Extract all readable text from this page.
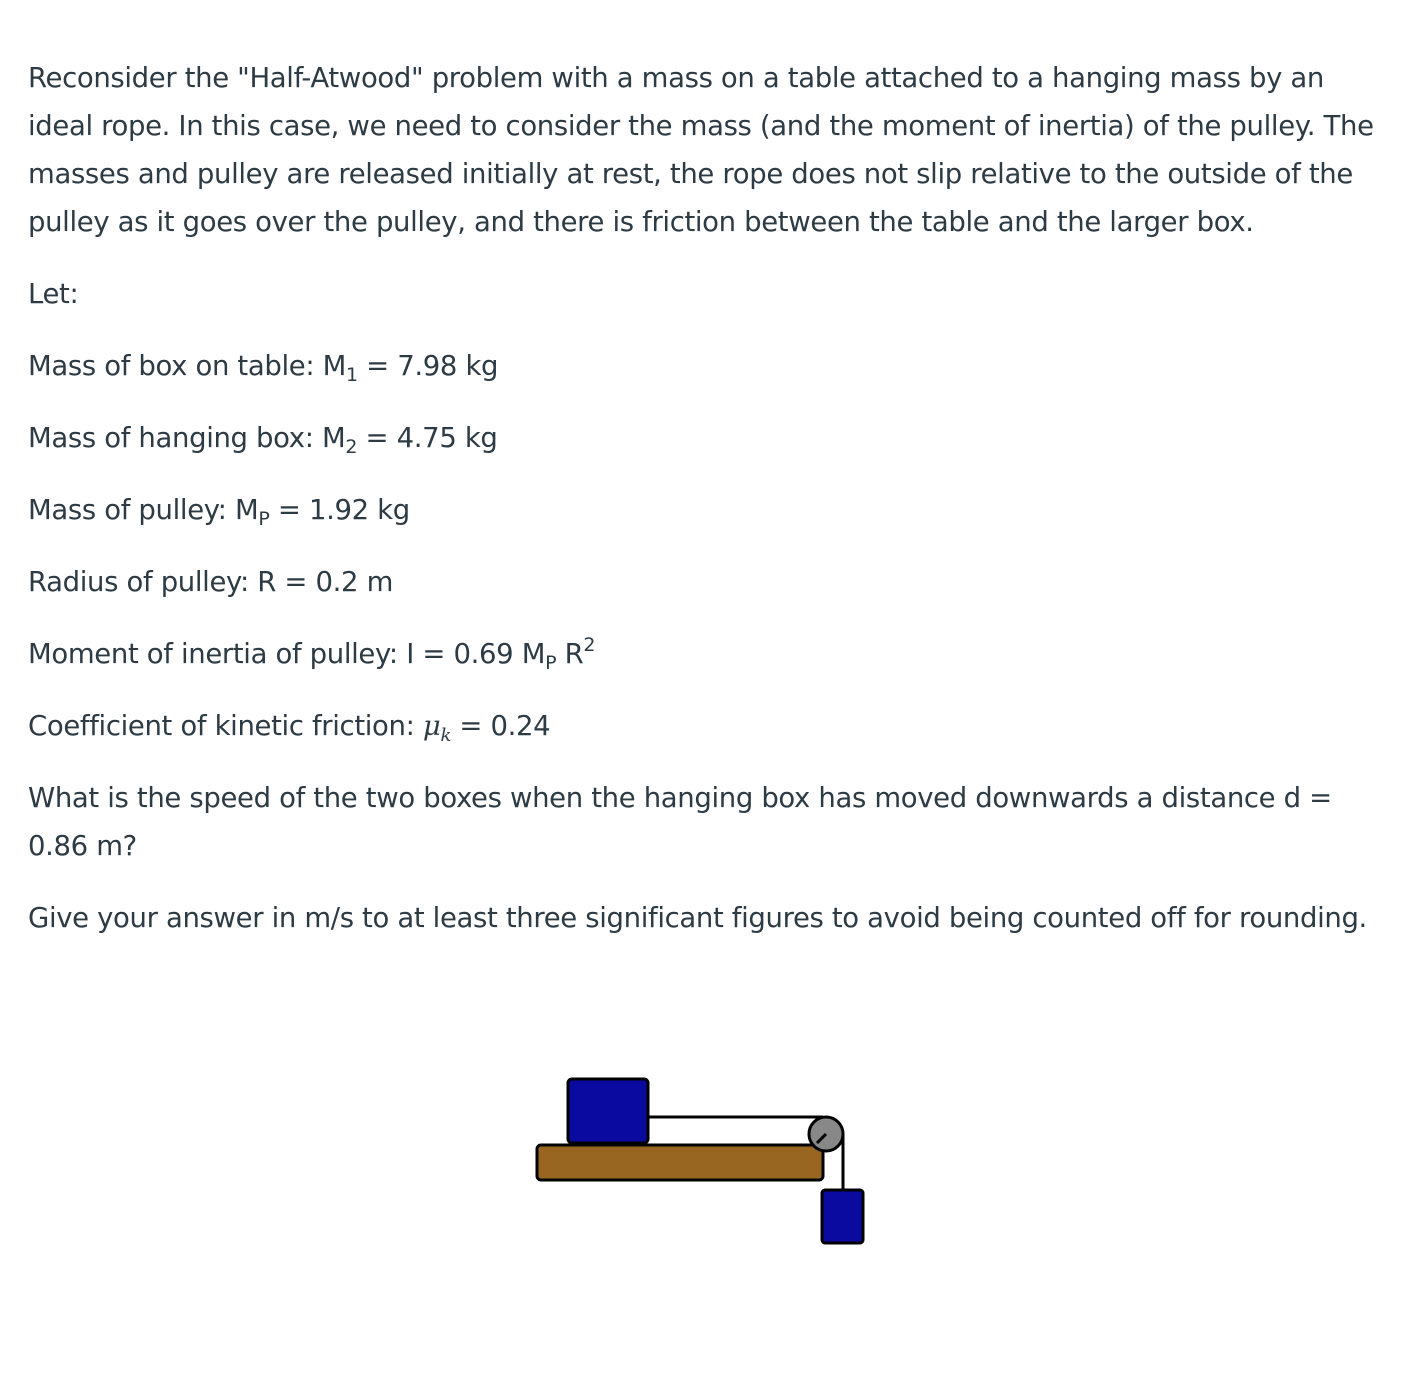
Reconsider the "Half-Atwood" problem with a mass on a table attached to a hanging mass by an ideal rope. In this case, we need to consider the mass (and the moment of inertia) of the pulley. The masses and pulley are released initially at rest, the rope does not slip relative to the outside of the pulley as it goes over the pulley, and there is friction between the table and the larger box.

Let:

Mass of box on table: $M_1 = 7.98$ kg

Mass of hanging box: $M_2 = 4.75$ kg

Mass of pulley: $M_P = 1.92$ kg

Radius of pulley: R = 0.2 m

Moment of inertia of pulley: I = 0.69 $M_P$ $R^2$

Coefficient of kinetic friction: $\mu_k = 0.24$

What is the speed of the two boxes when the hanging box has moved downwards a distance d = 0.86 m?

Give your answer in m/s to at least three significant figures to avoid being counted off for rounding.
